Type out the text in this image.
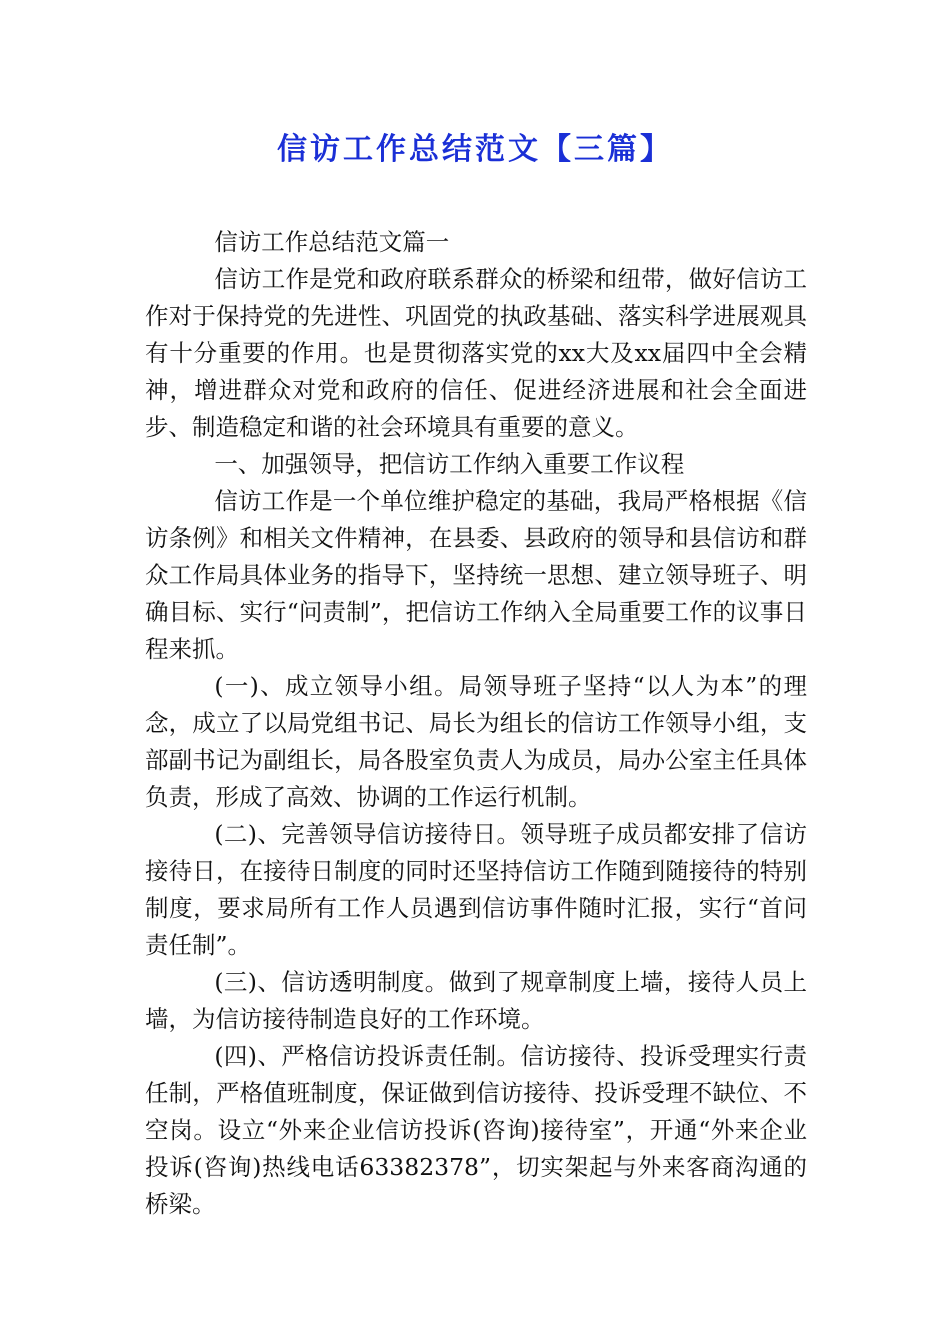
信访工作总结范文【三篇】

信访工作总结范文篇一

信访工作是党和政府联系群众的桥梁和纽带，做好信访工作对于保持党的先进性、巩固党的执政基础、落实科学进展观具有十分重要的作用。也是贯彻落实党的xx大及xx届四中全会精神，增进群众对党和政府的信任、促进经济进展和社会全面进步、制造稳定和谐的社会环境具有重要的意义。

一、加强领导，把信访工作纳入重要工作议程

信访工作是一个单位维护稳定的基础，我局严格根据《信访条例》和相关文件精神，在县委、县政府的领导和县信访和群众工作局具体业务的指导下，坚持统一思想、建立领导班子、明确目标、实行“问责制”，把信访工作纳入全局重要工作的议事日程来抓。

(一)、成立领导小组。局领导班子坚持“以人为本”的理念，成立了以局党组书记、局长为组长的信访工作领导小组，支部副书记为副组长，局各股室负责人为成员，局办公室主任具体负责，形成了高效、协调的工作运行机制。

(二)、完善领导信访接待日。领导班子成员都安排了信访接待日，在接待日制度的同时还坚持信访工作随到随接待的特别制度，要求局所有工作人员遇到信访事件随时汇报，实行“首问责任制”。

(三)、信访透明制度。做到了规章制度上墙，接待人员上墙，为信访接待制造良好的工作环境。

(四)、严格信访投诉责任制。信访接待、投诉受理实行责任制，严格值班制度，保证做到信访接待、投诉受理不缺位、不空岗。设立“外来企业信访投诉(咨询)接待室”，开通“外来企业投诉(咨询)热线电话63382378”，切实架起与外来客商沟通的桥梁。
